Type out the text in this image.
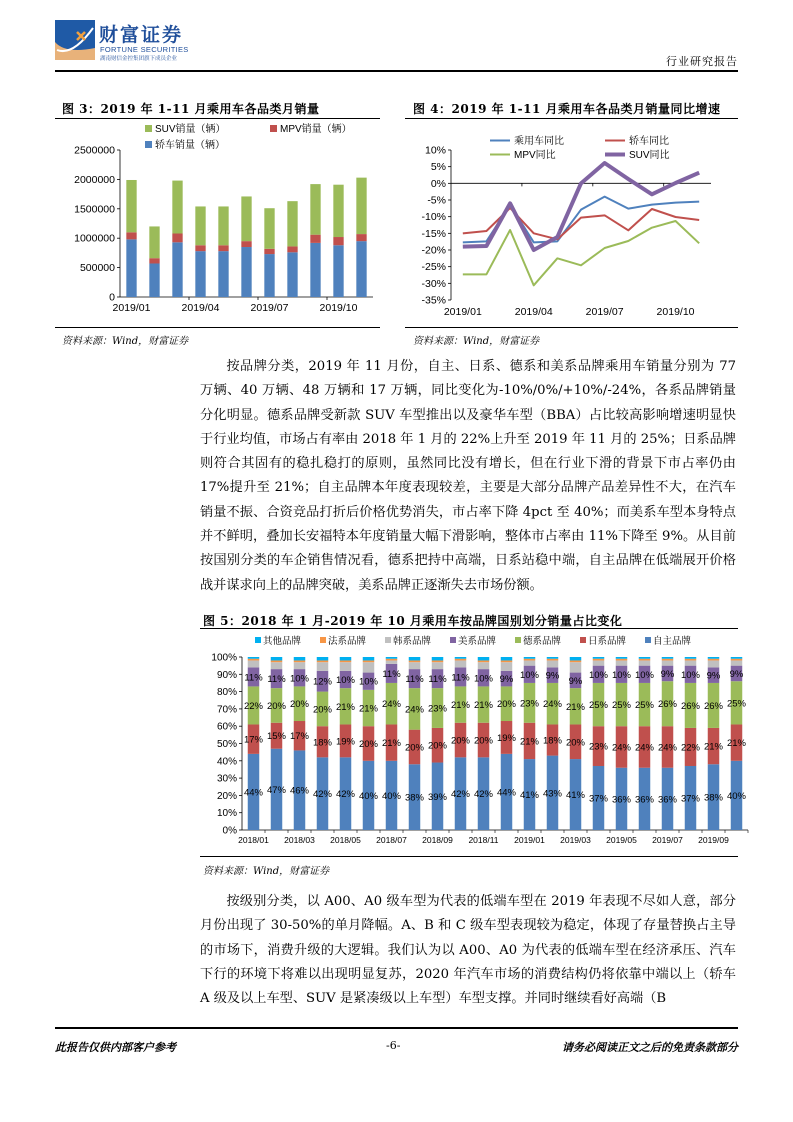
财富证券
FORTUNE SECURITIES
湖南财信金控集团旗下成员企业	行业研究报告
图 3：2019 年 1-11 月乘用车各品类月销量
0
500000
1000000
1500000
2000000
2500000
2019/01	2019/04	2019/07	2019/10
SUV销量（辆）	MPV销量（辆）
轿车销量（辆）
资料来源：Wind，财富证券
图 4：2019 年 1-11 月乘用车各品类月销量同比增速
10%
5%
0%
-5%
-10%
-15%
-20%
-25%
-30%
-35%
2019/01	2019/04	2019/07	2019/10
乘用车同比	轿车同比
MPV同比	SUV同比
资料来源：Wind，财富证券
按品牌分类，2019 年 11 月份，自主、日系、德系和美系品牌乘用车销量分别为 77 万辆、40 万辆、48 万辆和 17 万辆，同比变化为-10%/0%/+10%/-24%，各系品牌销量分化明显。德系品牌受新款 SUV 车型推出以及豪华车型（BBA）占比较高影响增速明显快于行业均值，市场占有率由 2018 年 1 月的 22%上升至 2019 年 11 月的 25%；日系品牌则符合其固有的稳扎稳打的原则，虽然同比没有增长，但在行业下滑的背景下市占率仍由 17%提升至 21%；自主品牌本年度表现较差，主要是大部分品牌产品差异性不大，在汽车销量不振、合资竞品打折后价格优势消失，市占率下降 4pct 至 40%；而美系车型本身特点并不鲜明，叠加长安福特本年度销量大幅下滑影响，整体市占率由 11%下降至 9%。从目前按国别分类的车企销售情况看，德系把持中高端，日系站稳中端，自主品牌在低端展开价格战并谋求向上的品牌突破，美系品牌正逐渐失去市场份额。
图 5：2018 年 1 月-2019 年 10 月乘用车按品牌国别划分销量占比变化
0%
10%
20%
30%
40%
50%
60%
70%
80%
90%
100%
44%
17%
22%
11%
2018/01
47%
15%
20%
11%
46%
17%
20%
10%
2018/03
42%
18%
20%
12%
42%
19%
21%
10%
2018/05
40%
20%
21%
10%
40%
21%
24%
11%
2018/07
38%
20%
24%
11%
39%
20%
23%
11%
2018/09
42%
20%
21%
11%
42%
20%
21%
10%
2018/11
44%
19%
20%
9%
41%
21%
23%
10%
2019/01
43%
18%
24%
9%
41%
20%
21%
9%
2019/03
37%
23%
25%
10%
36%
24%
25%
10%
2019/05
36%
24%
25%
10%
36%
24%
26%
9%
2019/07
37%
22%
26%
10%
38%
21%
26%
9%
2019/09
40%
21%
25%
9%
其他品牌	法系品牌	韩系品牌	美系品牌	德系品牌	日系品牌	自主品牌
资料来源：Wind，财富证券
按级别分类，以 A00、A0 级车型为代表的低端车型在 2019 年表现不尽如人意，部分月份出现了 30-50%的单月降幅。A、B 和 C 级车型表现较为稳定，体现了存量替换占主导的市场下，消费升级的大逻辑。我们认为以 A00、A0 为代表的低端车型在经济承压、汽车下行的环境下将难以出现明显复苏，2020 年汽车市场的消费结构仍将依靠中端以上（轿车 A 级及以上车型、SUV 是紧凑级以上车型）车型支撑。并同时继续看好高端（B
此报告仅供内部客户参考	-6-	请务必阅读正文之后的免责条款部分
